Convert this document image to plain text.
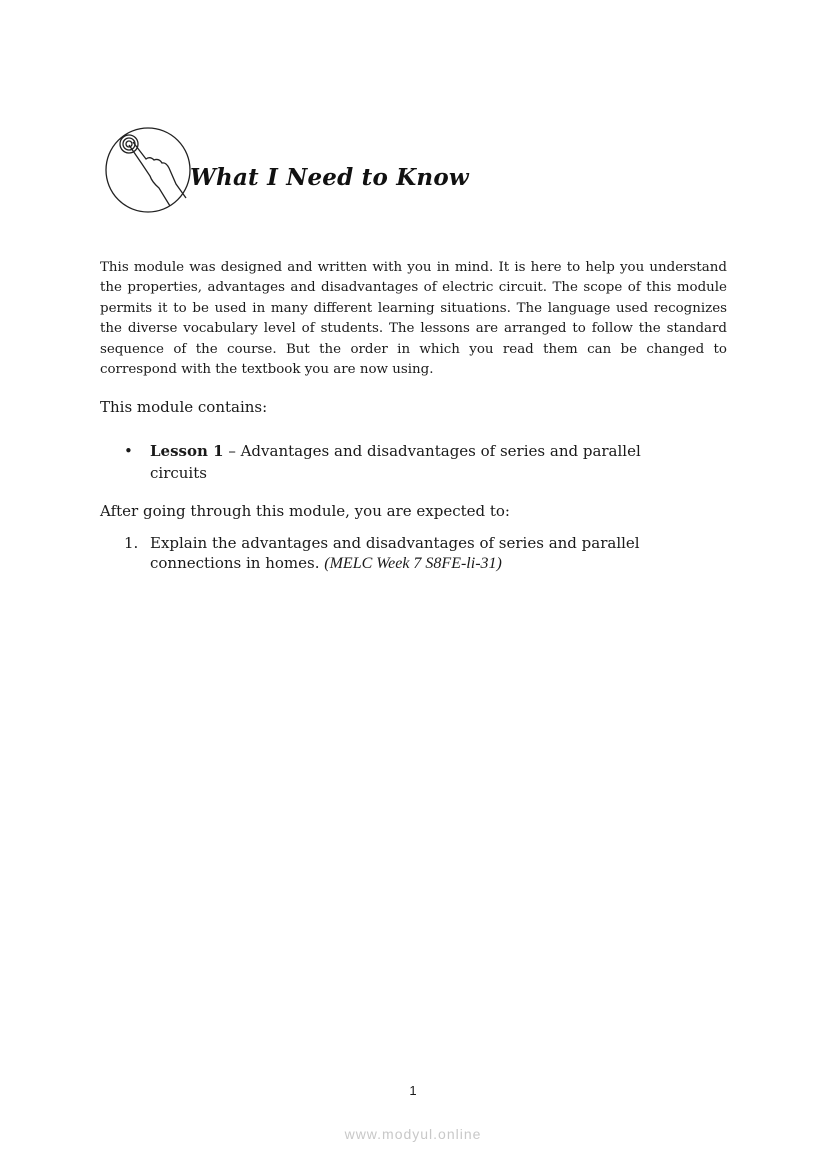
What I Need to Know
This module was designed and written with you in mind. It is here to help you understand the properties, advantages and disadvantages of electric circuit. The scope of this module permits it to be used in many different learning situations. The language used recognizes the diverse vocabulary level of students. The lessons are arranged to follow the standard sequence of the course. But the order in which you read them can be changed to correspond with the textbook you are now using.
This module contains:
• Lesson 1 – Advantages and disadvantages of series and parallel circuits
After going through this module, you are expected to:
1. Explain the advantages and disadvantages of series and parallel connections in homes. (MELC Week 7 S8FE-li-31)
1
www.modyul.online
